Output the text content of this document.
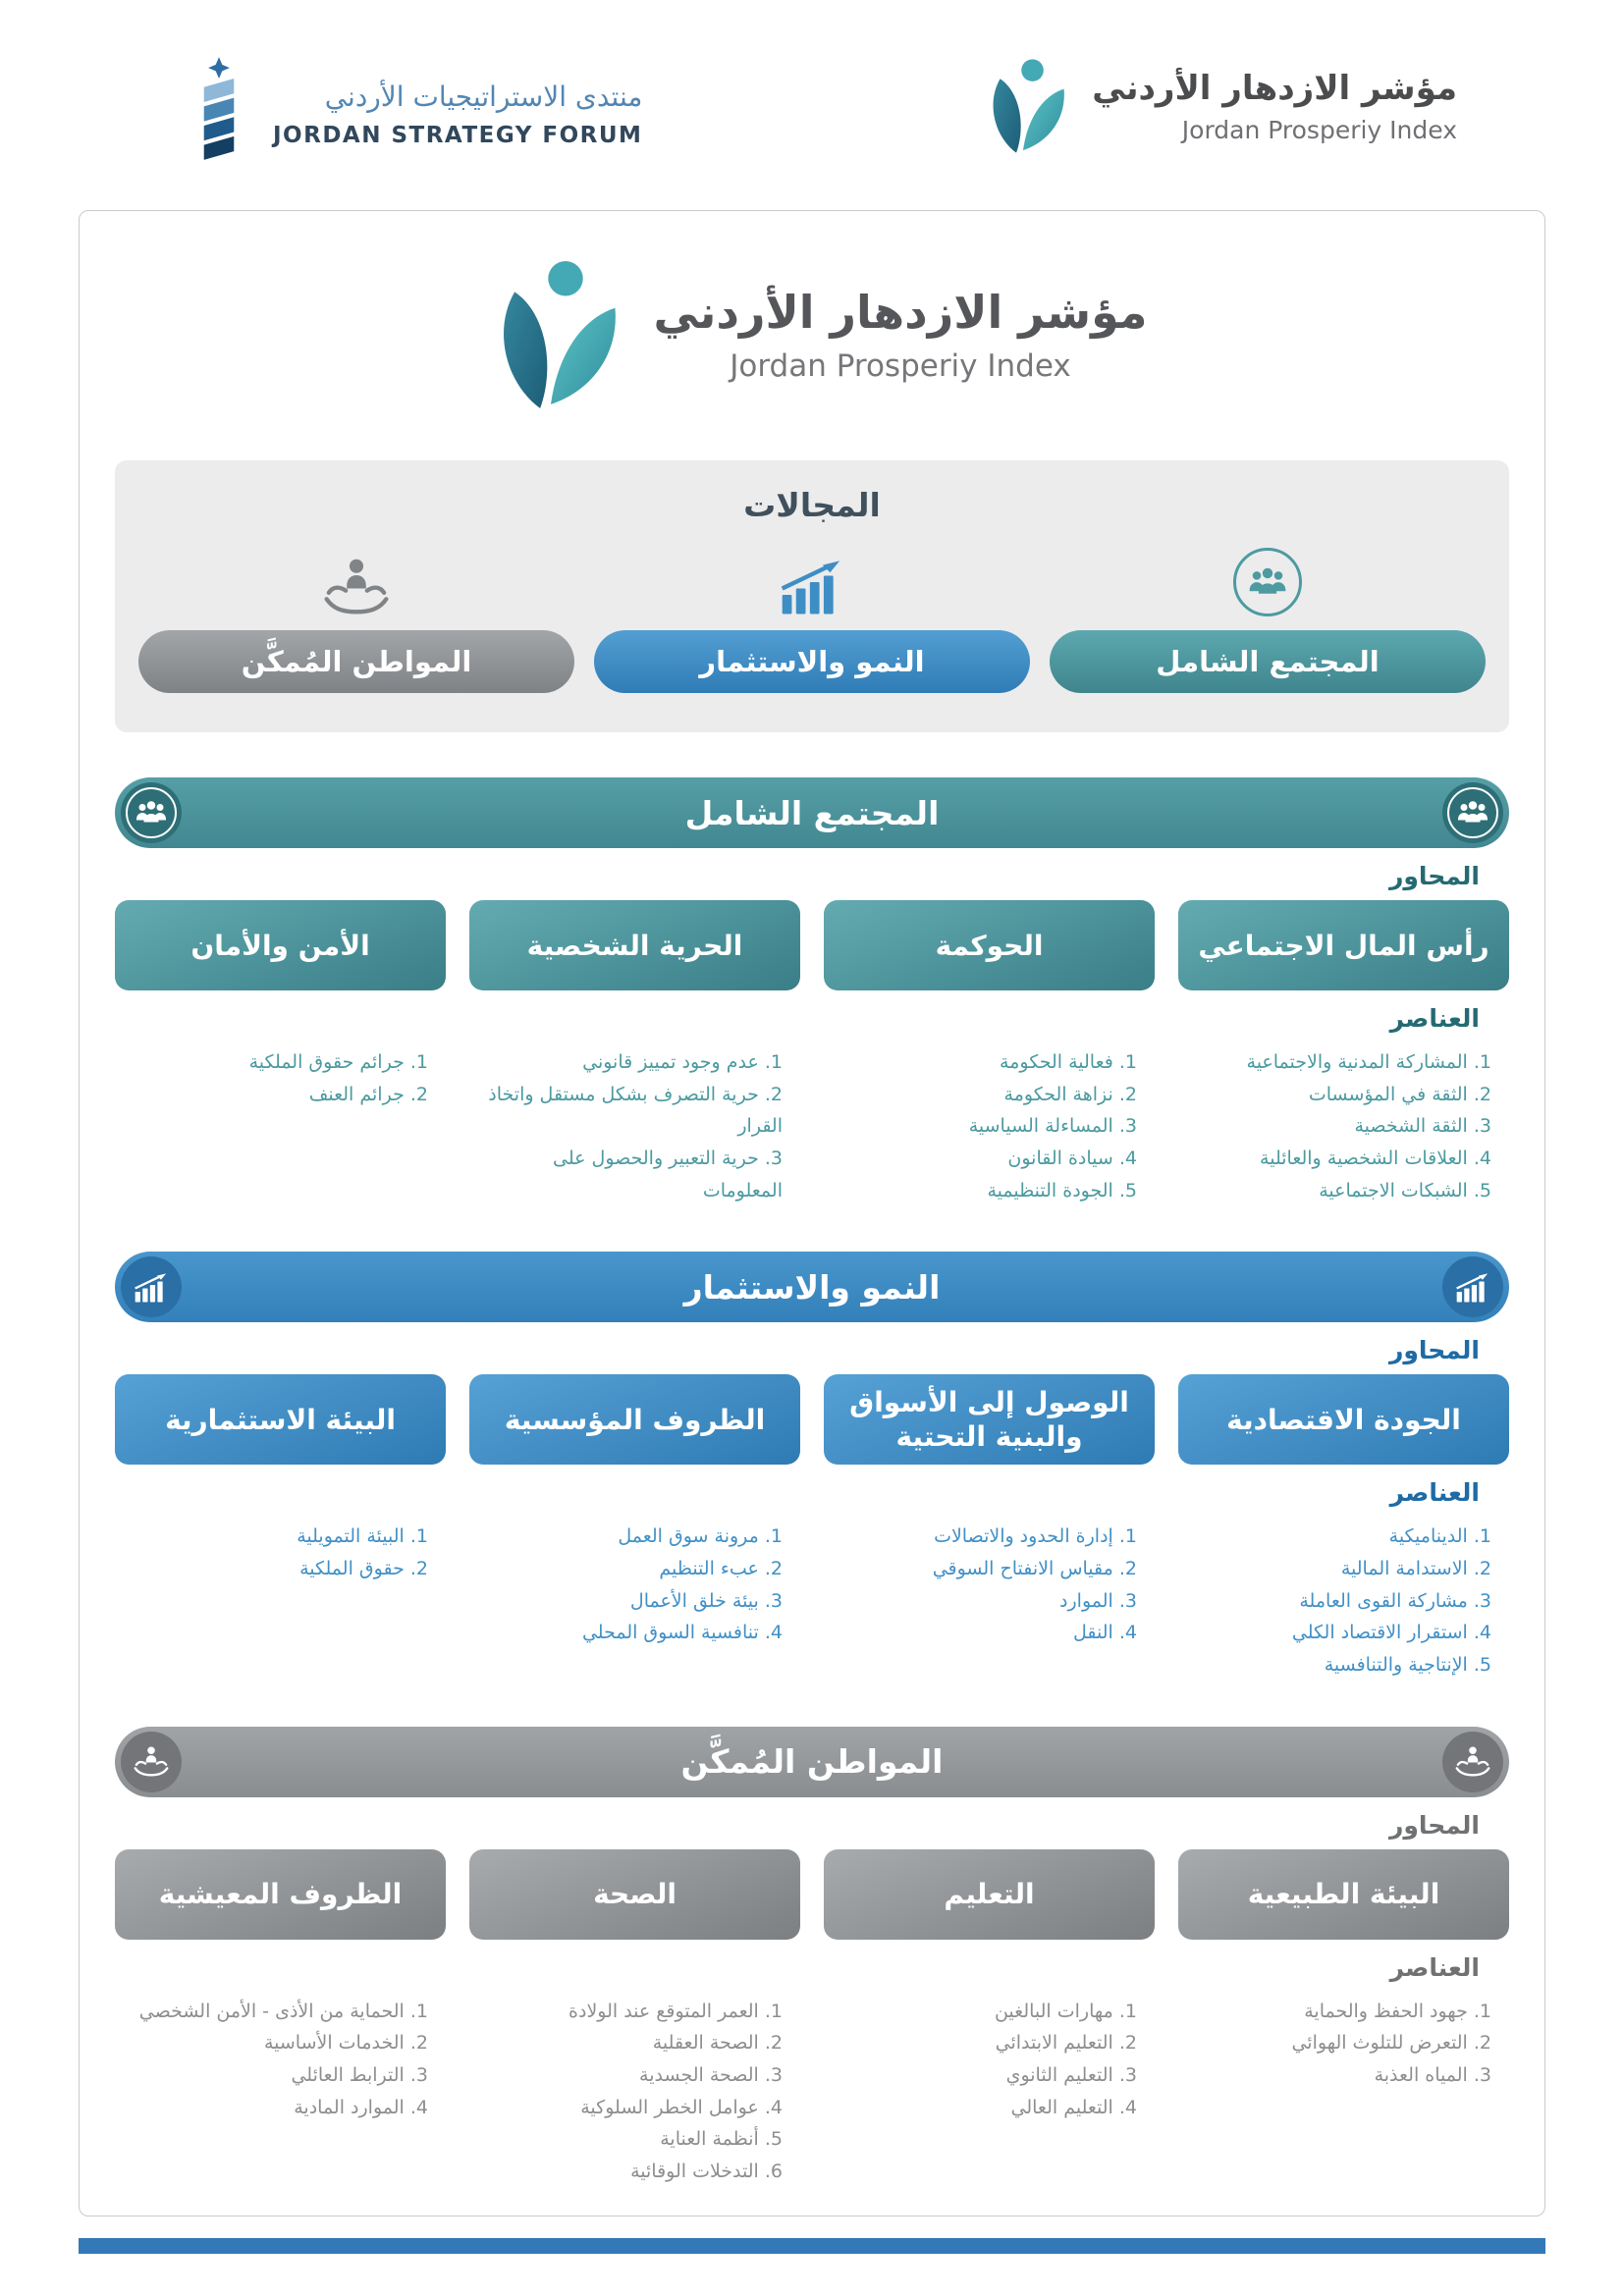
منتدى الاستراتيجيات الأردني
JORDAN STRATEGY FORUM
مؤشر الازدهار الأردني
Jordan Prosperiy Index
مؤشر الازدهار الأردني
Jordan Prosperiy Index
المجالات
المجتمع الشامل
النمو والاستثمار
المواطن المُمكَّن
المجتمع الشامل
المحاور
رأس المال الاجتماعي
الحوكمة
الحرية الشخصية
الأمن والأمان
العناصر
1. المشاركة المدنية والاجتماعية
2. الثقة في المؤسسات
3. الثقة الشخصية
4. العلاقات الشخصية والعائلية
5. الشبكات الاجتماعية
1. فعالية الحكومة
2. نزاهة الحكومة
3. المساءلة السياسية
4. سيادة القانون
5. الجودة التنظيمية
1. عدم وجود تمييز قانوني
2. حرية التصرف بشكل مستقل واتخاذ القرار
3. حرية التعبير والحصول على المعلومات
1. جرائم حقوق الملكية
2. جرائم العنف
النمو والاستثمار
المحاور
الجودة الاقتصادية
الوصول إلى الأسواق والبنية التحتية
الظروف المؤسسية
البيئة الاستثمارية
العناصر
1. الديناميكية
2. الاستدامة المالية
3. مشاركة القوى العاملة
4. استقرار الاقتصاد الكلي
5. الإنتاجية والتنافسية
1. إدارة الحدود والاتصالات
2. مقياس الانفتاح السوقي
3. الموارد
4. النقل
1. مرونة سوق العمل
2. عبء التنظيم
3. بيئة خلق الأعمال
4. تنافسية السوق المحلي
1. البيئة التمويلية
2. حقوق الملكية
المواطن المُمكَّن
المحاور
البيئة الطبيعية
التعليم
الصحة
الظروف المعيشية
العناصر
1. جهود الحفظ والحماية
2. التعرض للتلوث الهوائي
3. المياه العذبة
1. مهارات البالغين
2. التعليم الابتدائي
3. التعليم الثانوي
4. التعليم العالي
1. العمر المتوقع عند الولادة
2. الصحة العقلية
3. الصحة الجسدية
4. عوامل الخطر السلوكية
5. أنظمة العناية
6. التدخلات الوقائية
1. الحماية من الأذى - الأمن الشخصي
2. الخدمات الأساسية
3. الترابط العائلي
4. الموارد المادية
